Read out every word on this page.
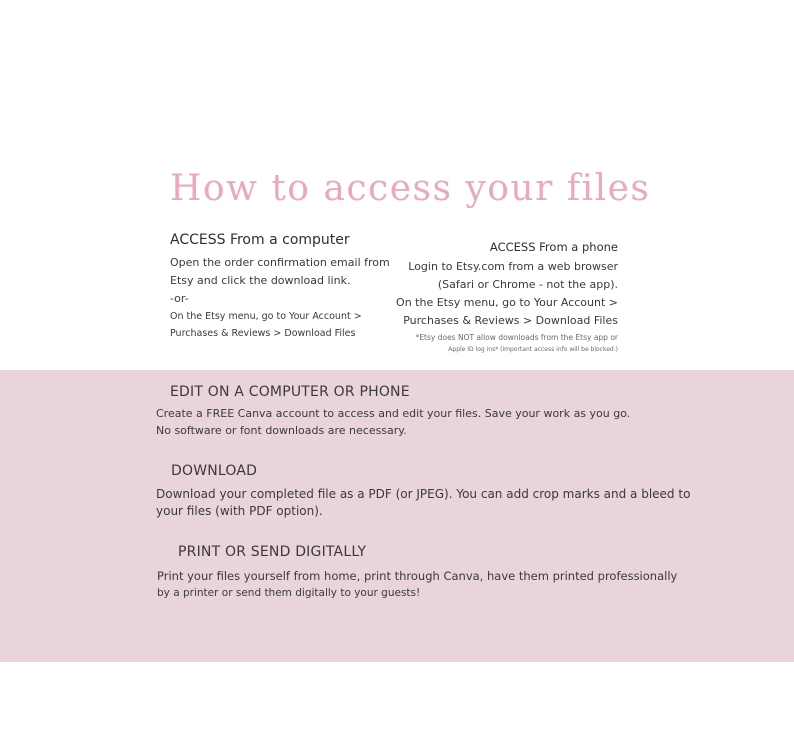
How to access your files
ACCESS From a computer
Open the order confirmation email from
Etsy and click the download link.
-or-
On the Etsy menu, go to Your Account >
Purchases & Reviews > Download Files
ACCESS From a phone
Login to Etsy.com from a web browser
(Safari or Chrome - not the app).
On the Etsy menu, go to Your Account >
Purchases & Reviews > Download Files
*Etsy does NOT allow downloads from the Etsy app or
Apple ID log ins* (important access info will be blocked.)
EDIT ON A COMPUTER OR PHONE
Create a FREE Canva account to access and edit your files. Save your work as you go.
No software or font downloads are necessary.
DOWNLOAD
Download your completed file as a PDF (or JPEG). You can add crop marks and a bleed to
your files (with PDF option).
PRINT OR SEND DIGITALLY
Print your files yourself from home, print through Canva, have them printed professionally
by a printer or send them digitally to your guests!
